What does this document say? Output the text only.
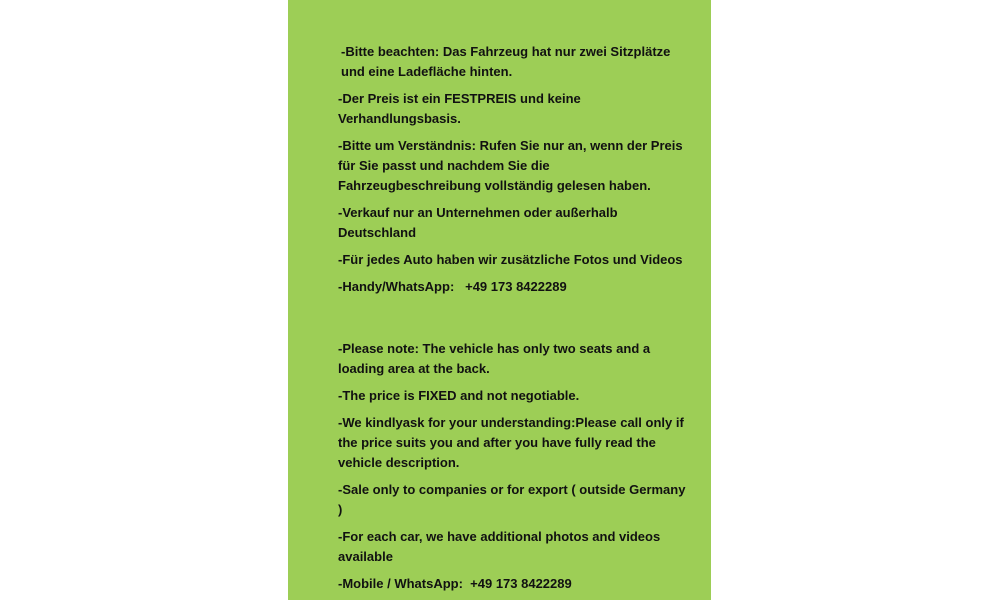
-Bitte beachten: Das Fahrzeug hat nur zwei Sitzplätze und eine Ladefläche hinten.

-Der Preis ist ein FESTPREIS und keine Verhandlungsbasis.

-Bitte um Verständnis: Rufen Sie nur an, wenn der Preis für Sie passt und nachdem Sie die Fahrzeugbeschreibung vollständig gelesen haben.

-Verkauf nur an Unternehmen oder außerhalb Deutschland

-Für jedes Auto haben wir zusätzliche Fotos und Videos

-Handy/WhatsApp:   +49 173 8422289

-Please note: The vehicle has only two seats and a loading area at the back.

-The price is FIXED and not negotiable.

-We kindlyask for your understanding:Please call only if the price suits you and after you have fully read the vehicle description.

-Sale only to companies or for export ( outside Germany )

-For each car, we have additional photos and videos available

-Mobile / WhatsApp:  +49 173 8422289
